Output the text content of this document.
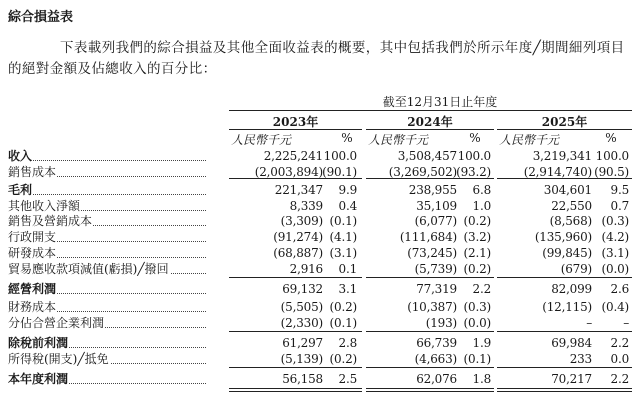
綜合損益表
下表載列我們的綜合損益及其他全面收益表的概要，其中包括我們於所示年度╱期間細列項目的絕對金額及佔總收入的百分比：
截至12月31日止年度
2023年
人民幣千元	%
2024年
人民幣千元	%
2025年
人民幣千元	%
收入	2,225,241 100.0	3,508,457 100.0	3,219,341 100.0
銷售成本	(2,003,894) (90.1)	(3,269,502) (93.2)	(2,914,740) (90.5)
毛利	221,347	9.9	238,955	6.8	304,601	9.5
其他收入淨額	8,339	0.4	35,109	1.0	22,550	0.7
銷售及營銷成本	(3,309) (0.1)	(6,077) (0.2)	(8,568) (0.3)
行政開支	(91,274) (4.1)	(111,684) (3.2)	(135,960) (4.2)
研發成本	(68,887) (3.1)	(73,245) (2.1)	(99,845) (3.1)
貿易應收款項減值(虧損)╱撥回	2,916	0.1	(5,739) (0.2)	(679) (0.0)
經營利潤	69,132	3.1	77,319	2.2	82,099	2.6
財務成本	(5,505) (0.2)	(10,387) (0.3)	(12,115) (0.4)
分佔合營企業利潤	(2,330) (0.1)	(193) (0.0)	–	–
除稅前利潤	61,297	2.8	66,739	1.9	69,984	2.2
所得稅(開支)╱抵免	(5,139) (0.2)	(4,663) (0.1)	233	0.0
本年度利潤	56,158	2.5	62,076	1.8	70,217	2.2
